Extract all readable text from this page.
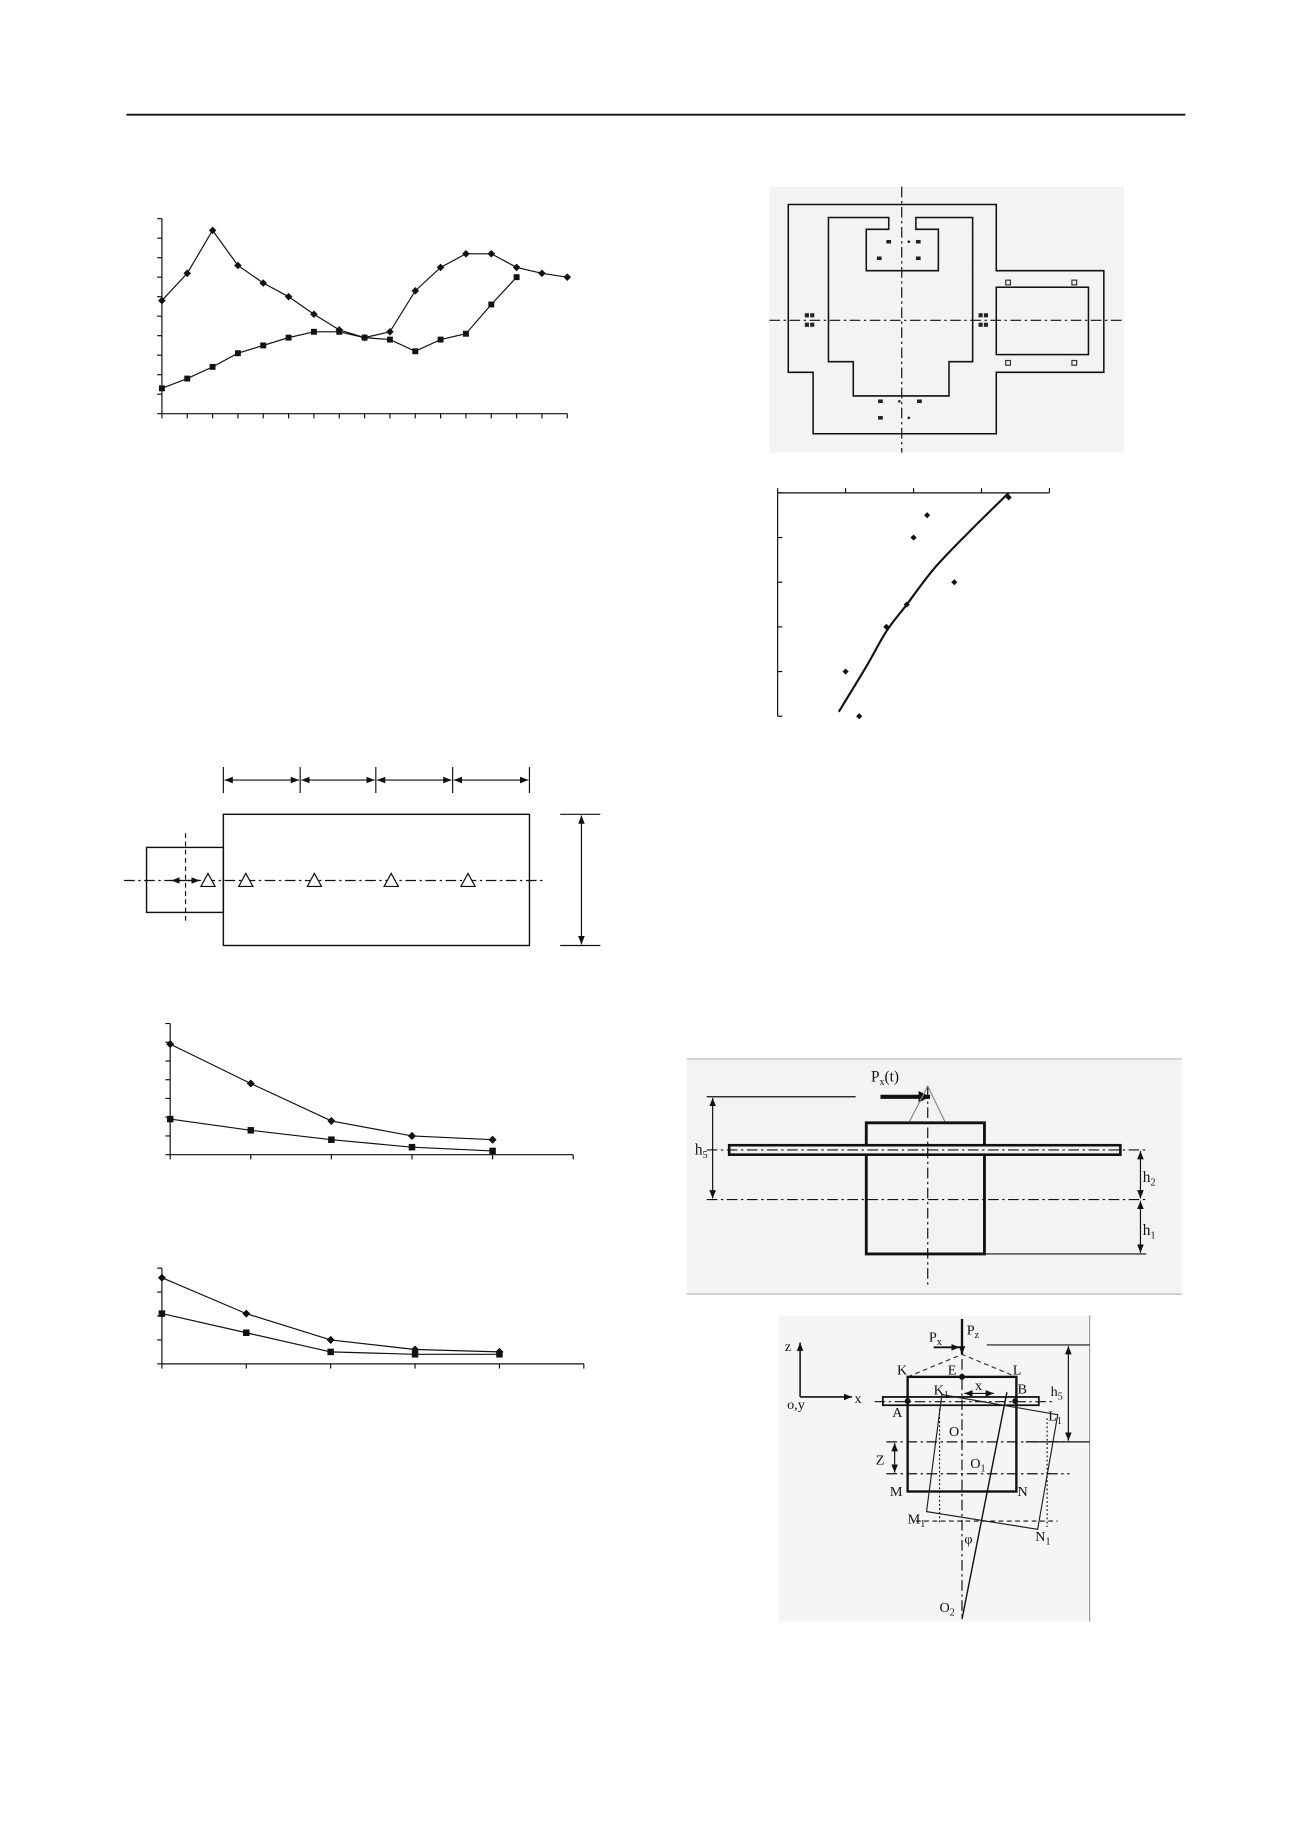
$P_x(t)$
$h_5$
$h_2$
$h_1$
z
x
o,y
$P_z$
$P_x$
$h_5$
K	E	L
$K_1$
x	B
A	$L_1$
O
$O_1$
Z
M	N
$M_1$
$N_1$
φ
$O_2$
